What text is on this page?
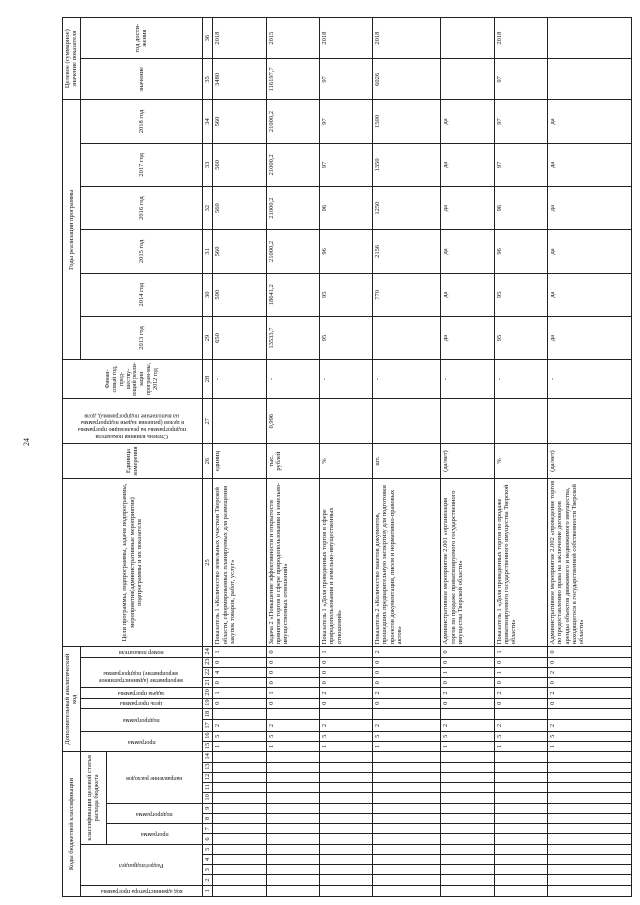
24
Коды бюджетной классификации														Дополнительный аналитический код										Цели программы, подпрограммы, задачи подпрограммы, мероприятия(административные мероприятия) подпрограммы и их показатели	Единица измерения	Степень влияния показателя подпрограммы на реализацию программы в целом (решения задачи подпрограммы на выполнение подпрограммы), доля	Финан-совый год, пред-шеству-ющий реали-зации програм-мы, 2012 год	Годы реализации программы						Целевое (суммарное) значение показателя	

код администратора программы	Раздел\подраздел				классификация целевой статьи расхода бюджета									программа		подпрограмма		цель программы	задача программы	мероприятие (административное мероприятие) подпрограммы			номер показателя					2013 год	2014 год	2015 год	2016 год	2017 год	2018 год	значение	год дости-жения

					программа		подпрограмма		направление расходов																										

1	2	3	4	5	6	7	8	9	10	11	12	13	14	15	16	17	18	19	20	21	22	23	24	25	26	27	28	29	30	31	32	33	34	35	36
														1	5	2		0	1	0	4	0	1	Показатель 1 «Количество земельных участков Тверской области, сформированных планируемых для размещения закупок товаров, работ, услуг»	единиц		-	650	590	560	560	560	560	3480	2018
														1	5	2		0	1	0	0	0	0	Задача 2 «Повышение эффективности и открытости принятия торгов в сфере природопользования и земельно-имущественных отношений»	тыс. рублей	0,996	-	13533,7	18641,2	21000,2	21000,2	21000,2	21000,2	116197,7	2015
														1	5	2		0	2	0	0	0	1	Показатель 1 «Доля проведенных торгов в сфере природопользования и земельно-имущественных отношений»	%		-	95	95	96	96	97	97	97	2018
														1	5	2		0	2	0	0	0	2	Показатель 2 «Количество пакетов документов, прошедших предварительную экспертизу для подготовки проектов документации, писем и нормативно-правовых актов»	шт.		-		770	2156	1250	1350	1500	6026	2018
														1	5	2		0	2	0	1	0	0	Административное мероприятие 2.001 «организация торгов по продаже приватизируемого государственного имущества Тверской области»	(да/нет)		-	да	да	да	да	да	да		
														1	5	2		0	2	0	1	0	1	Показатель 1 «Доля проведенных торгов по продаже приватизируемого государственного имущества Тверской области»	%		-	95	95	96	96	97	97	97	2018
														1	5	2		0	2	0	2	0	0	Административное мероприятие 2.002 «проведение торгов по предоставлению права на заключение договоров аренды объектов движимого и недвижимого имущества, находящегося в государственной собственности Тверской области»	(да/нет)		-	да	да	да	да	да	да		
